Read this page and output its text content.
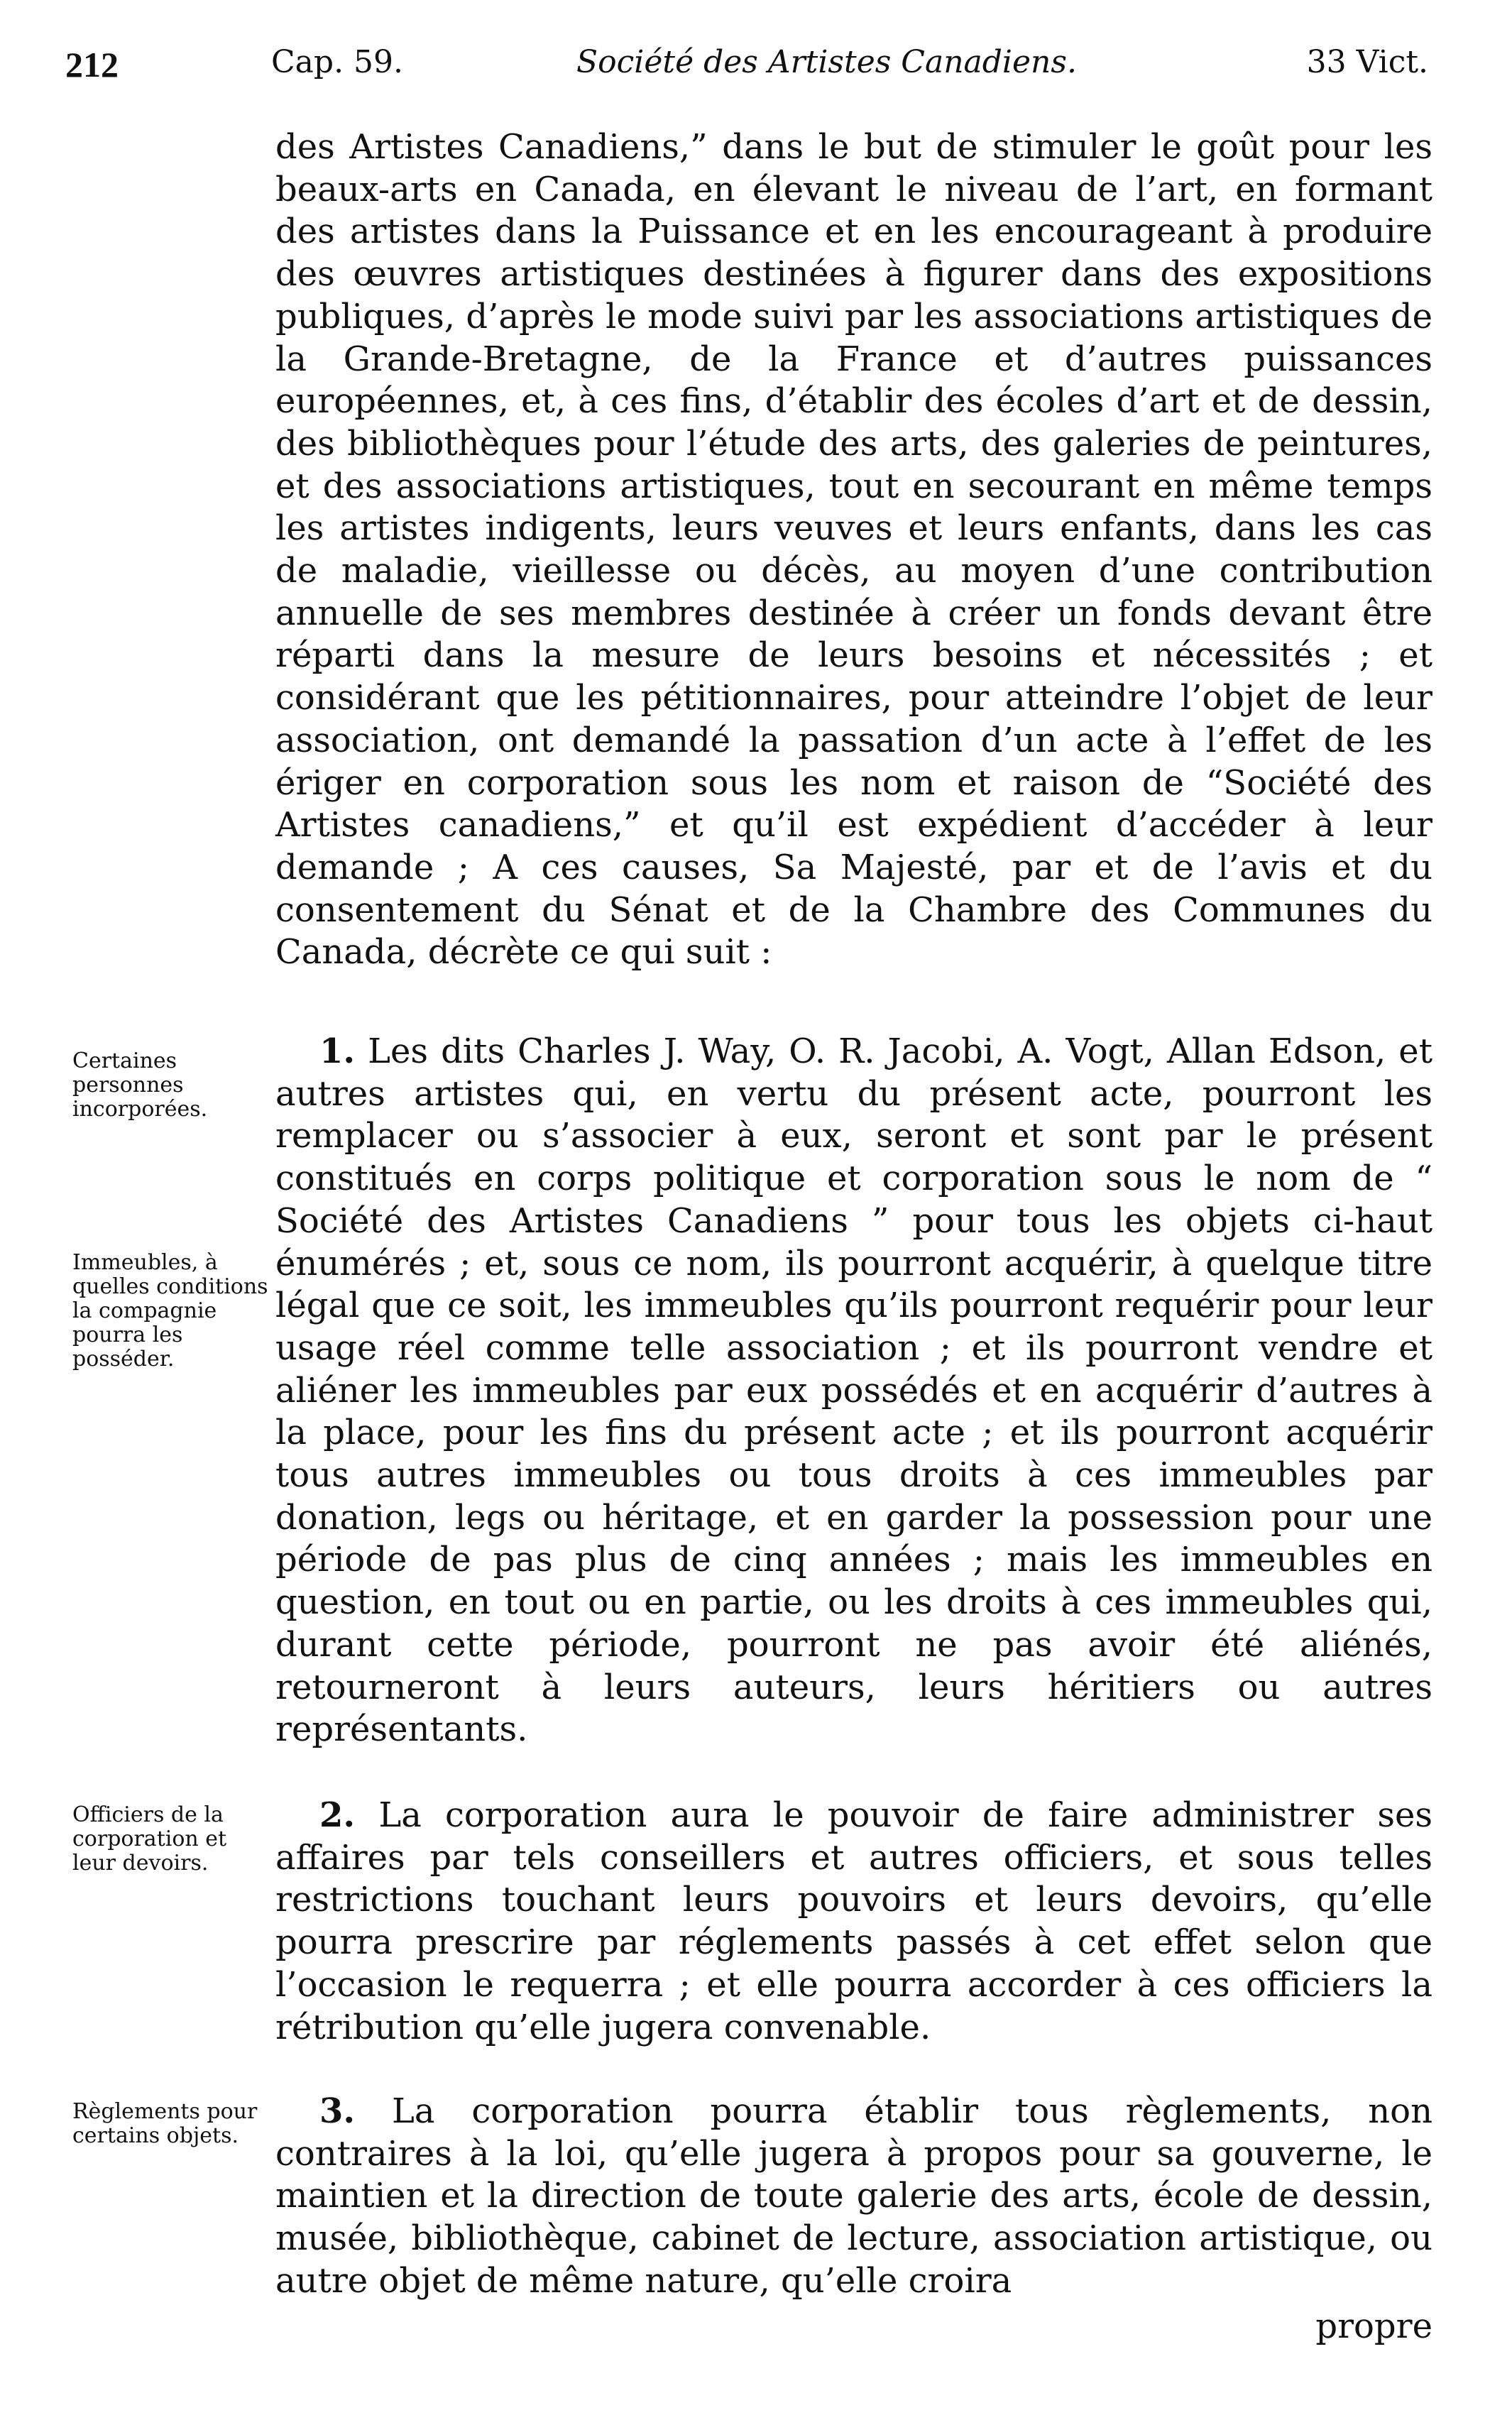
212	Cap. 59.	Société des Artistes Canadiens.	33 Vict.
des Artistes Canadiens,” dans le but de stimuler le goût pour les beaux-arts en Canada, en élevant le niveau de l’art, en formant des artistes dans la Puissance et en les encourageant à produire des œuvres artistiques destinées à figurer dans des expositions publiques, d’après le mode suivi par les associations artistiques de la Grande-Bretagne, de la France et d’autres puissances européennes, et, à ces fins, d’établir des écoles d’art et de dessin, des bibliothèques pour l’étude des arts, des galeries de peintures, et des associations artistiques, tout en secourant en même temps les artistes indigents, leurs veuves et leurs enfants, dans les cas de maladie, vieillesse ou décès, au moyen d’une contribution annuelle de ses membres destinée à créer un fonds devant être réparti dans la mesure de leurs besoins et nécessités ; et considérant que les pétitionnaires, pour atteindre l’objet de leur association, ont demandé la passation d’un acte à l’effet de les ériger en corporation sous les nom et raison de “Société des Artistes canadiens,” et qu’il est expédient d’accéder à leur demande ; A ces causes, Sa Majesté, par et de l’avis et du consentement du Sénat et de la Chambre des Communes du Canada, décrète ce qui suit :
Certaines personnes incorporées.
1. Les dits Charles J. Way, O. R. Jacobi, A. Vogt, Allan Edson, et autres artistes qui, en vertu du présent acte, pourront les remplacer ou s’associer à eux, seront et sont par le présent constitués en corps politique et corporation sous le nom de “ Société des Artistes Canadiens ” pour tous les objets ci-haut énumérés ; et, sous ce nom, ils pourront acquérir, à quelque titre légal que ce soit, les immeubles qu’ils pourront requérir pour leur usage réel comme telle association ; et ils pourront vendre et aliéner les immeubles par eux possédés et en acquérir d’autres à la place, pour les fins du présent acte ; et ils pourront acquérir tous autres immeubles ou tous droits à ces immeubles par donation, legs ou héritage, et en garder la possession pour une période de pas plus de cinq années ; mais les immeubles en question, en tout ou en partie, ou les droits à ces immeubles qui, durant cette période, pourront ne pas avoir été aliénés, retourneront à leurs auteurs, leurs héritiers ou autres représentants.
Immeubles, à quelles conditions la compagnie pourra les posséder.
Officiers de la corporation et leur devoirs.
2. La corporation aura le pouvoir de faire administrer ses affaires par tels conseillers et autres officiers, et sous telles restrictions touchant leurs pouvoirs et leurs devoirs, qu’elle pourra prescrire par réglements passés à cet effet selon que l’occasion le requerra ; et elle pourra accorder à ces officiers la rétribution qu’elle jugera convenable.
Règlements pour certains objets.
3. La corporation pourra établir tous règlements, non contraires à la loi, qu’elle jugera à propos pour sa gouverne, le maintien et la direction de toute galerie des arts, école de dessin, musée, bibliothèque, cabinet de lecture, association artistique, ou autre objet de même nature, qu’elle croira
propre
